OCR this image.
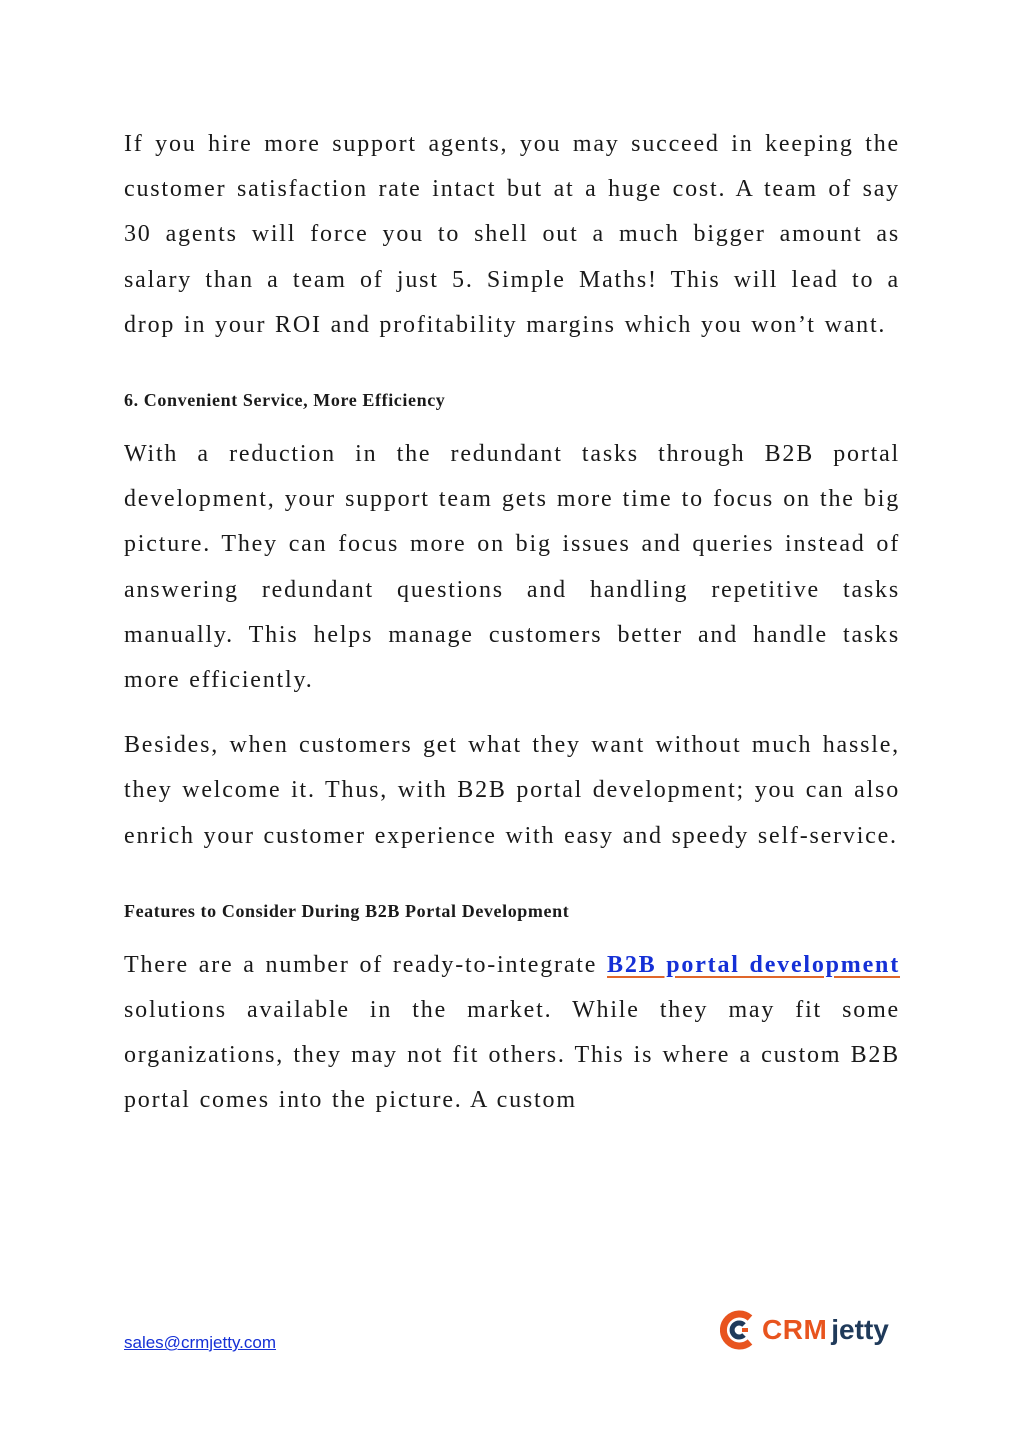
If you hire more support agents, you may succeed in keeping the customer satisfaction rate intact but at a huge cost. A team of say 30 agents will force you to shell out a much bigger amount as salary than a team of just 5. Simple Maths! This will lead to a drop in your ROI and profitability margins which you won’t want.

6. Convenient Service, More Efficiency

With a reduction in the redundant tasks through B2B portal development, your support team gets more time to focus on the big picture. They can focus more on big issues and queries instead of answering redundant questions and handling repetitive tasks manually. This helps manage customers better and handle tasks more efficiently.

Besides, when customers get what they want without much hassle, they welcome it. Thus, with B2B portal development; you can also enrich your customer experience with easy and speedy self-service.

Features to Consider During B2B Portal Development

There are a number of ready-to-integrate B2B portal development solutions available in the market. While they may fit some organizations, they may not fit others. This is where a custom B2B portal comes into the picture. A custom

sales@crmjetty.com	CRM jetty
